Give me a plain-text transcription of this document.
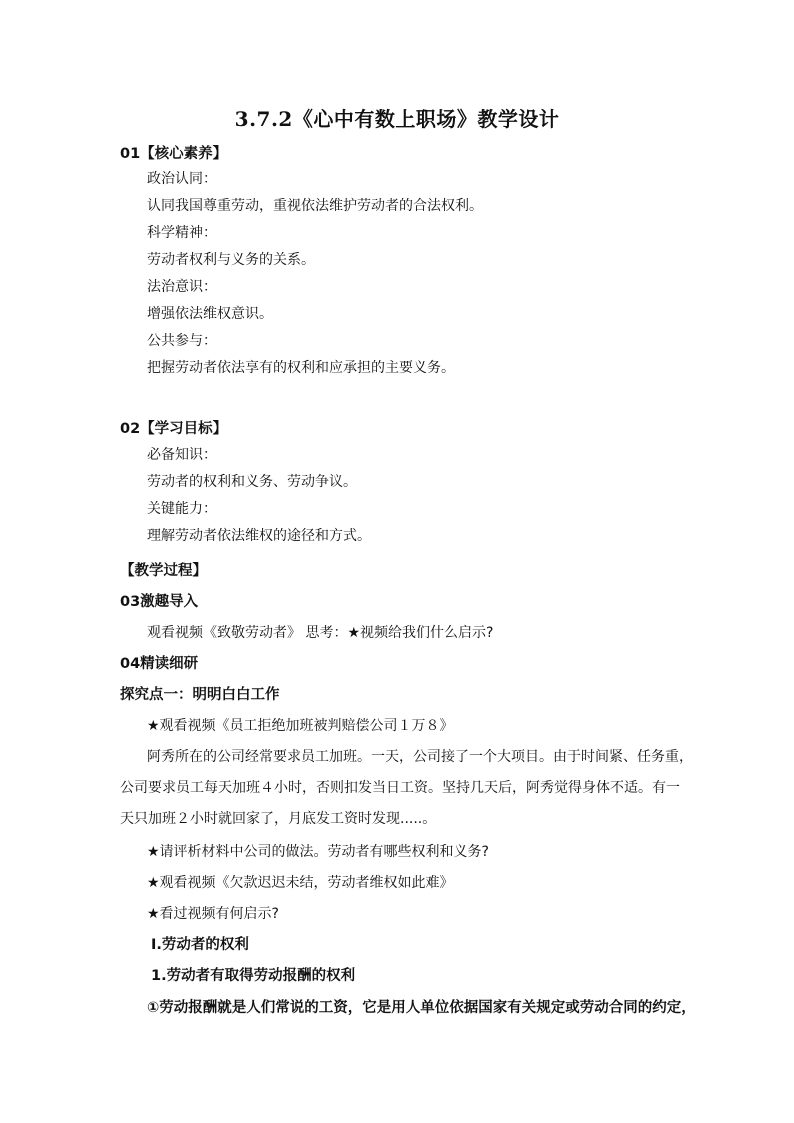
3.7.2《心中有数上职场》教学设计
01【核心素养】
政治认同：
认同我国尊重劳动，重视依法维护劳动者的合法权利。
科学精神：
劳动者权利与义务的关系。
法治意识：
增强依法维权意识。
公共参与：
把握劳动者依法享有的权利和应承担的主要义务。
02【学习目标】
必备知识：
劳动者的权利和义务、劳动争议。
关键能力：
理解劳动者依法维权的途径和方式。
【教学过程】
03激趣导入
观看视频《致敬劳动者》 思考：★视频给我们什么启示?
04精读细研
探究点一：明明白白工作
★观看视频《员工拒绝加班被判赔偿公司１万８》
阿秀所在的公司经常要求员工加班。一天，公司接了一个大项目。由于时间紧、任务重，
公司要求员工每天加班４小时，否则扣发当日工资。坚持几天后，阿秀觉得身体不适。有一
天只加班２小时就回家了，月底发工资时发现.....。
★请评析材料中公司的做法。劳动者有哪些权利和义务?
★观看视频《欠款迟迟未结，劳动者维权如此难》
★看过视频有何启示?
Ⅰ.劳动者的权利
1.劳动者有取得劳动报酬的权利
①劳动报酬就是人们常说的工资，它是用人单位依据国家有关规定或劳动合同的约定，
